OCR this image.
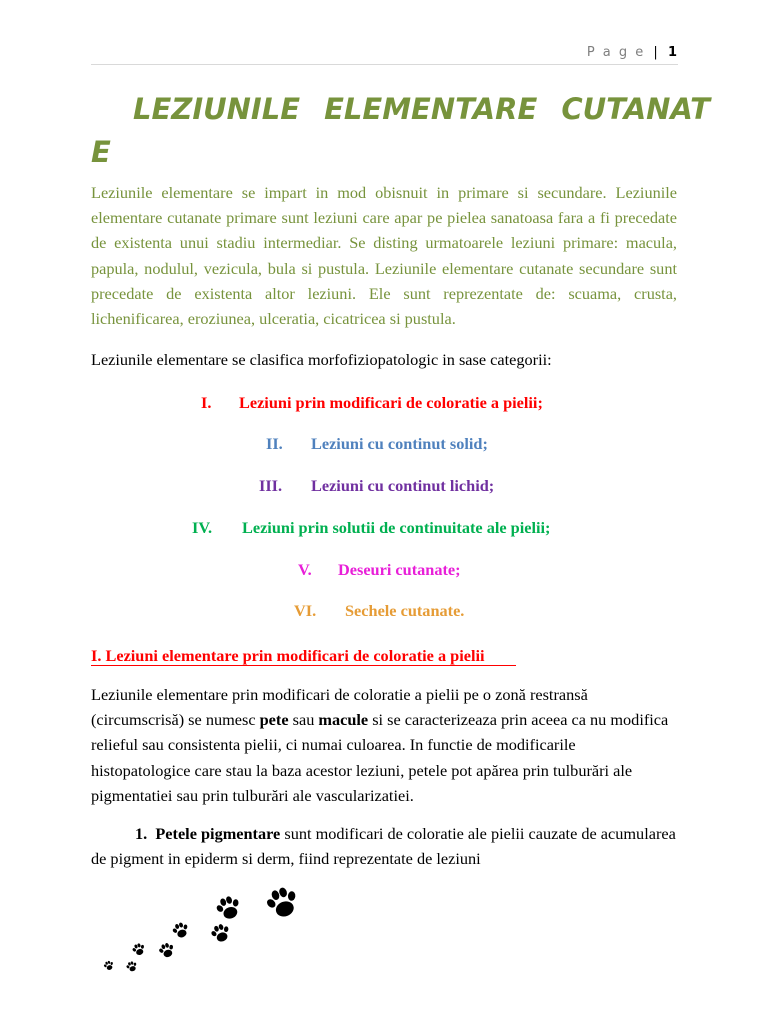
P a g e | 1
LEZIUNILE ELEMENTARE CUTANAT
E

Leziunile elementare se impart in mod obisnuit in primare si secundare. Leziunile elementare cutanate primare sunt leziuni care apar pe pielea sanatoasa fara a fi precedate de existenta unui stadiu intermediar. Se disting urmatoarele leziuni primare: macula, papula, nodulul, vezicula, bula si pustula. Leziunile elementare cutanate secundare sunt precedate de existenta altor leziuni. Ele sunt reprezentate de: scuama, crusta, lichenificarea, eroziunea, ulceratia, cicatricea si pustula.

Leziunile elementare se clasifica morfofiziopatologic in sase categorii:

I. Leziuni prin modificari de coloratie a pielii;
II. Leziuni cu continut solid;
III. Leziuni cu continut lichid;
IV. Leziuni prin solutii de continuitate ale pielii;
V. Deseuri cutanate;
VI. Sechele cutanate.
I. Leziuni elementare prin modificari de coloratie a pielii

Leziunile elementare prin modificari de coloratie a pielii pe o zonă restransă (circumscrisă) se numesc pete sau macule si se caracterizeaza prin aceea ca nu modifica relieful sau consistenta pielii, ci numai culoarea. In functie de modificarile histopatologice care stau la baza acestor leziuni, petele pot apărea prin tulburări ale pigmentatiei sau prin tulburări ale vascularizatiei.

1. Petele pigmentare sunt modificari de coloratie ale pielii cauzate de acumularea de pigment in epiderm si derm, fiind reprezentate de leziuni
